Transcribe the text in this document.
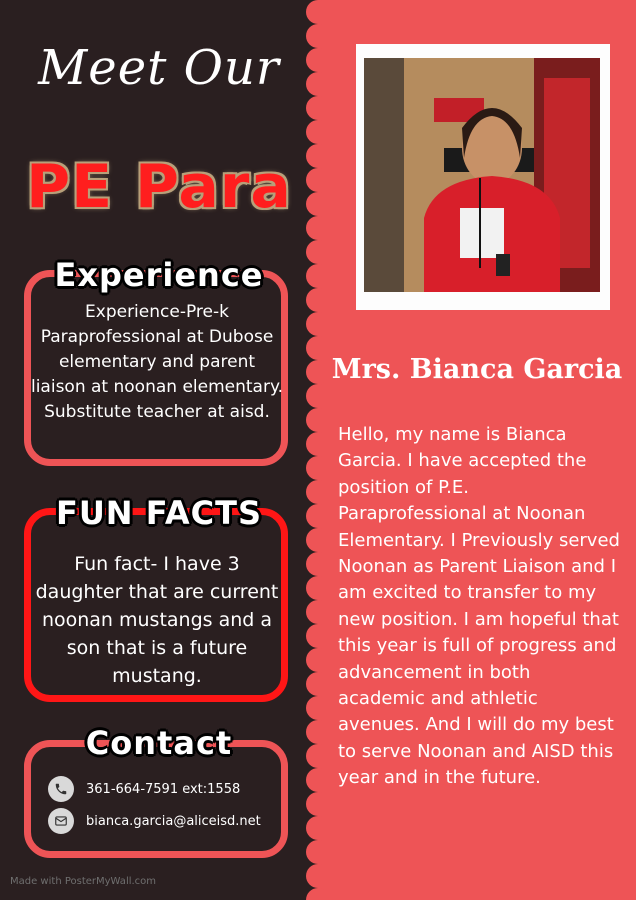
Meet Our
PE Para
Experience
Experience-Pre-k Paraprofessional at Dubose elementary and parent liaison at noonan elementary. Substitute teacher at aisd.
FUN FACTS
Fun fact- I have 3 daughter that are current noonan mustangs and a son that is a future mustang.
Contact
361-664-7591 ext:1558
bianca.garcia@aliceisd.net
Mrs. Bianca Garcia
Hello, my name is Bianca Garcia. I have accepted the position of P.E. Paraprofessional at Noonan Elementary. I Previously served Noonan as Parent Liaison and I am excited to transfer to my new position. I am hopeful that this year is full of progress and advancement in both academic and athletic avenues. And I will do my best to serve Noonan and AISD this year and in the future.
Made with PosterMyWall.com
